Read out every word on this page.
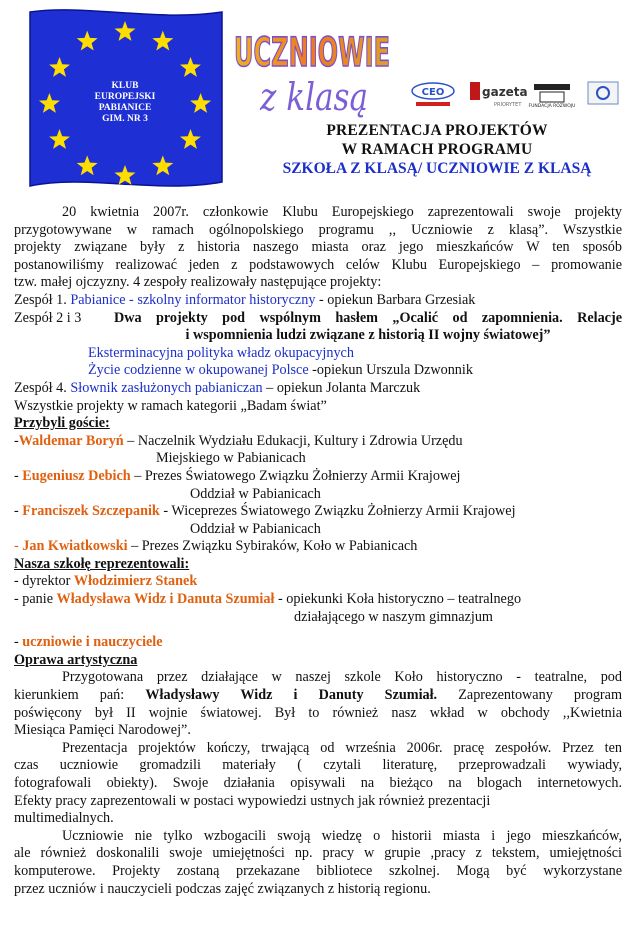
KLUB
EUROPEJSKI
PABIANICE
GIM. NR 3
UCZNIOWIE
z klasą	CEO	gazeta
PRIORYTET FUNDACJA ROZWOJU
PREZENTACJA PROJEKTÓW
W RAMACH PROGRAMU
SZKOŁA Z KLASĄ/ UCZNIOWIE Z KLASĄ
20 kwietnia 2007r. członkowie Klubu Europejskiego zaprezentowali swoje projekty
przygotowywane w ramach ogólnopolskiego programu ,, Uczniowie z klasą”. Wszystkie
projekty związane były z historia naszego miasta oraz jego mieszkańców W ten sposób
postanowiliśmy realizować jeden z podstawowych celów Klubu Europejskiego – promowanie
tzw. małej ojczyzny. 4 zespoły realizowały następujące projekty:
Zespół 1. Pabianice - szkolny informator historyczny - opiekun Barbara Grzesiak
Zespół 2 i 3	Dwa projekty pod wspólnym hasłem „Ocalić od zapomnienia. Relacje
i wspomnienia ludzi związane z historią II wojny światowej”
Eksterminacyjna polityka władz okupacyjnych
Życie codzienne w okupowanej Polsce -opiekun Urszula Dzwonnik
Zespół 4. Słownik zasłużonych pabianiczan – opiekun Jolanta Marczuk
Wszystkie projekty w ramach kategorii „Badam świat”
Przybyli goście:
-Waldemar Boryń – Naczelnik Wydziału Edukacji, Kultury i Zdrowia Urzędu
Miejskiego w Pabianicach
- Eugeniusz Debich – Prezes Światowego Związku Żołnierzy Armii Krajowej
Oddział w Pabianicach
- Franciszek Szczepanik - Wiceprezes Światowego Związku Żołnierzy Armii Krajowej
Oddział w Pabianicach
- Jan Kwiatkowski – Prezes Związku Sybiraków, Koło w Pabianicach
Nasza szkołę reprezentowali:
- dyrektor Włodzimierz Stanek
- panie Władysława Widz i Danuta Szumiał - opiekunki Koła historyczno – teatralnego
działającego w naszym gimnazjum
- uczniowie i nauczyciele
Oprawa artystyczna
Przygotowana przez działające w naszej szkole Koło historyczno - teatralne, pod
kierunkiem pań: Władysławy Widz i Danuty Szumiał. Zaprezentowany program
poświęcony był II wojnie światowej. Był to również nasz wkład w obchody ,,Kwietnia
Miesiąca Pamięci Narodowej”.
Prezentacja projektów kończy, trwającą od września 2006r. pracę zespołów. Przez ten
czas uczniowie gromadzili materiały ( czytali literaturę, przeprowadzali wywiady,
fotografowali obiekty). Swoje działania opisywali na bieżąco na blogach internetowych.
Efekty pracy zaprezentowali w postaci wypowiedzi ustnych jak również prezentacji
multimedialnych.
Uczniowie nie tylko wzbogacili swoją wiedzę o historii miasta i jego mieszkańców,
ale również doskonalili swoje umiejętności np. pracy w grupie ,pracy z tekstem, umiejętności
komputerowe. Projekty zostaną przekazane bibliotece szkolnej. Mogą być wykorzystane
przez uczniów i nauczycieli podczas zajęć związanych z historią regionu.
